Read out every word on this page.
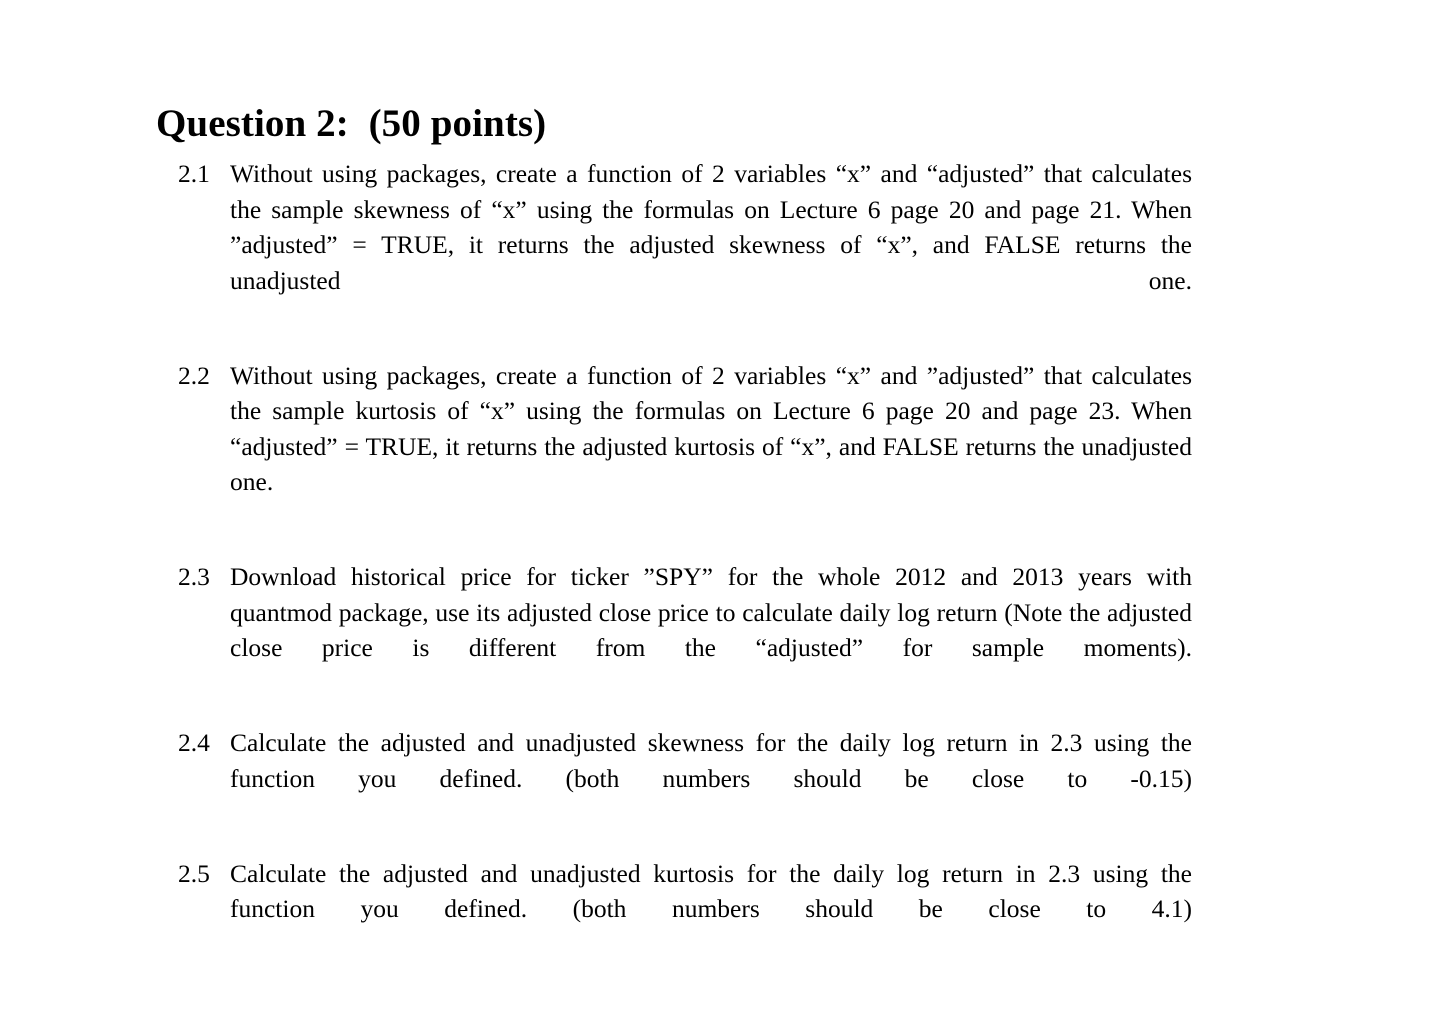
Question 2:  (50 points)
2.1 Without using packages, create a function of 2 variables “x” and “adjusted” that calculates the sample skewness of “x” using the formulas on Lecture 6 page 20 and page 21. When ”adjusted” = TRUE, it returns the adjusted skewness of “x”, and FALSE returns the unadjusted one.
2.2 Without using packages, create a function of 2 variables “x” and ”adjusted” that calculates the sample kurtosis of “x” using the formulas on Lecture 6 page 20 and page 23. When “adjusted” = TRUE, it returns the adjusted kurtosis of “x”, and FALSE returns the unadjusted one.
2.3 Download historical price for ticker ”SPY” for the whole 2012 and 2013 years with quantmod package, use its adjusted close price to calculate daily log return (Note the adjusted close price is different from the “adjusted” for sample moments).
2.4 Calculate the adjusted and unadjusted skewness for the daily log return in 2.3 using the function you defined. (both numbers should be close to -0.15)
2.5 Calculate the adjusted and unadjusted kurtosis for the daily log return in 2.3 using the function you defined. (both numbers should be close to 4.1)
